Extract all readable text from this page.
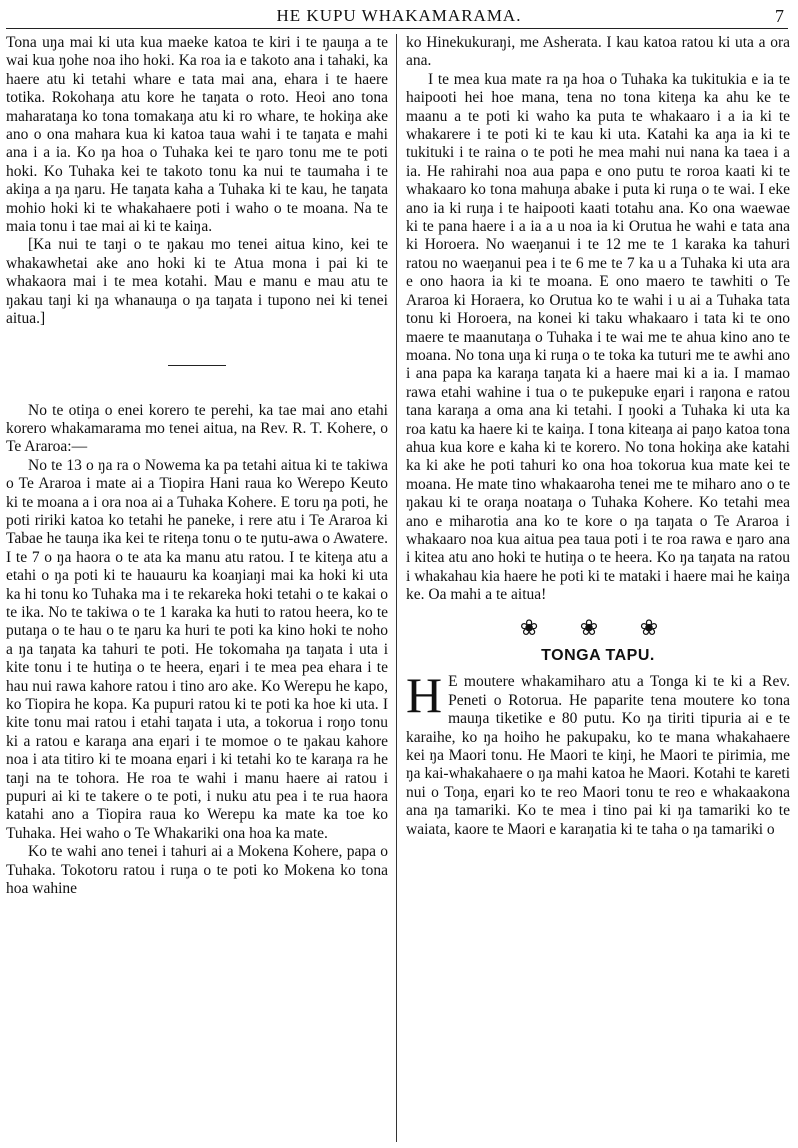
HE KUPU WHAKAMARAMA.	7

Tona uŋa mai ki uta kua maeke katoa te kiri i te ŋauŋa a te wai kua ŋohe noa iho hoki. Ka roa ia e takoto ana i tahaki, ka haere atu ki tetahi whare e tata mai ana, ehara i te haere totika. Rokohaŋa atu kore he taŋata o roto. Heoi ano tona maharataŋa ko tona tomakaŋa atu ki ro whare, te hokiŋa ake ano o ona mahara kua ki katoa taua wahi i te taŋata e mahi ana i a ia. Ko ŋa hoa o Tuhaka kei te ŋaro tonu me te poti hoki. Ko Tuhaka kei te takoto tonu ka nui te taumaha i te akiŋa a ŋa ŋaru. He taŋata kaha a Tuhaka ki te kau, he taŋata mohio hoki ki te whakahaere poti i waho o te moana. Na te maia tonu i tae mai ai ki te kaiŋa.

[Ka nui te taŋi o te ŋakau mo tenei aitua kino, kei te whakawhetai ake ano hoki ki te Atua mona i pai ki te whakaora mai i te mea kotahi. Mau e manu e mau atu te ŋakau taŋi ki ŋa whanauŋa o ŋa taŋata i tupono nei ki tenei aitua.]

No te otiŋa o enei korero te perehi, ka tae mai ano etahi korero whakamarama mo tenei aitua, na Rev. R. T. Kohere, o Te Araroa:—

No te 13 o ŋa ra o Nowema ka pa tetahi aitua ki te takiwa o Te Araroa i mate ai a Tiopira Hani raua ko Werepo Keuto ki te moana a i ora noa ai a Tuhaka Kohere. E toru ŋa poti, he poti ririki katoa ko tetahi he paneke, i rere atu i Te Araroa ki Tabae he tauŋa ika kei te riteŋa tonu o te ŋutu-awa o Awatere. I te 7 o ŋa haora o te ata ka manu atu ratou. I te kiteŋa atu a etahi o ŋa poti ki te hauauru ka koaŋiaŋi mai ka hoki ki uta ka hi tonu ko Tuhaka ma i te rekareka hoki tetahi o te kakai o te ika. No te takiwa o te 1 karaka ka huti to ratou heera, ko te putaŋa o te hau o te ŋaru ka huri te poti ka kino hoki te noho a ŋa taŋata ka tahuri te poti. He tokomaha ŋa taŋata i uta i kite tonu i te hutiŋa o te heera, eŋari i te mea pea ehara i te hau nui rawa kahore ratou i tino aro ake. Ko Werepu he kapo, ko Tiopira he kopa. Ka pupuri ratou ki te poti ka hoe ki uta. I kite tonu mai ratou i etahi taŋata i uta, a tokorua i roŋo tonu ki a ratou e karaŋa ana eŋari i te momoe o te ŋakau kahore noa i ata titiro ki te moana eŋari i ki tetahi ko te karaŋa ra he taŋi na te tohora. He roa te wahi i manu haere ai ratou i pupuri ai ki te takere o te poti, i nuku atu pea i te rua haora katahi ano a Tiopira raua ko Werepu ka mate ka toe ko Tuhaka. Hei waho o Te Whakariki ona hoa ka mate.

Ko te wahi ano tenei i tahuri ai a Mokena Kohere, papa o Tuhaka. Tokotoru ratou i ruŋa o te poti ko Mokena ko tona hoa wahine

ko Hinekukuraŋi, me Asherata. I kau katoa ratou ki uta a ora ana.

I te mea kua mate ra ŋa hoa o Tuhaka ka tukitukia e ia te haipooti hei hoe mana, tena no tona kiteŋa ka ahu ke te maanu a te poti ki waho ka puta te whakaaro i a ia ki te whakarere i te poti ki te kau ki uta. Katahi ka aŋa ia ki te tukituki i te raina o te poti he mea mahi nui nana ka taea i a ia. He rahirahi noa aua papa e ono putu te roroa kaati ki te whakaaro ko tona mahuŋa abake i puta ki ruŋa o te wai. I eke ano ia ki ruŋa i te haipooti kaati totahu ana. Ko ona waewae ki te pana haere i a ia a u noa ia ki Orutua he wahi e tata ana ki Horoera. No waeŋanui i te 12 me te 1 karaka ka tahuri ratou no waeŋanui pea i te 6 me te 7 ka u a Tuhaka ki uta ara e ono haora ia ki te moana. E ono maero te tawhiti o Te Araroa ki Horaera, ko Orutua ko te wahi i u ai a Tuhaka tata tonu ki Horoera, na konei ki taku whakaaro i tata ki te ono maere te maanutaŋa o Tuhaka i te wai me te ahua kino ano te moana. No tona uŋa ki ruŋa o te toka ka tuturi me te awhi ano i ana papa ka karaŋa taŋata ki a haere mai ki a ia. I mamao rawa etahi wahine i tua o te pukepuke eŋari i raŋona e ratou tana karaŋa a oma ana ki tetahi. I ŋooki a Tuhaka ki uta ka roa katu ka haere ki te kaiŋa. I tona kiteaŋa ai paŋo katoa tona ahua kua kore e kaha ki te korero. No tona hokiŋa ake katahi ka ki ake he poti tahuri ko ona hoa tokorua kua mate kei te moana. He mate tino whakaaroha tenei me te miharo ano o te ŋakau ki te oraŋa noataŋa o Tuhaka Kohere. Ko tetahi mea ano e miharotia ana ko te kore o ŋa taŋata o Te Araroa i whakaaro noa kua aitua pea taua poti i te roa rawa e ŋaro ana i kitea atu ano hoki te hutiŋa o te heera. Ko ŋa taŋata na ratou i whakahau kia haere he poti ki te mataki i haere mai he kaiŋa ke. Oa mahi a te aitua!

❀ ❀ ❀
TONGA TAPU.

H E moutere whakamiharo atu a Tonga ki te ki a Rev. Peneti o Rotorua. He paparite tena moutere ko tona mauŋa tiketike e 80 putu. Ko ŋa tiriti tipuria ai e te karaihe, ko ŋa hoiho he pakupaku, ko te mana whakahaere kei ŋa Maori tonu. He Maori te kiŋi, he Maori te pirimia, me ŋa kai-whakahaere o ŋa mahi katoa he Maori. Kotahi te kareti nui o Toŋa, eŋari ko te reo Maori tonu te reo e whakaakona ana ŋa tamariki. Ko te mea i tino pai ki ŋa tamariki ko te waiata, kaore te Maori e karaŋatia ki te taha o ŋa tamariki o
